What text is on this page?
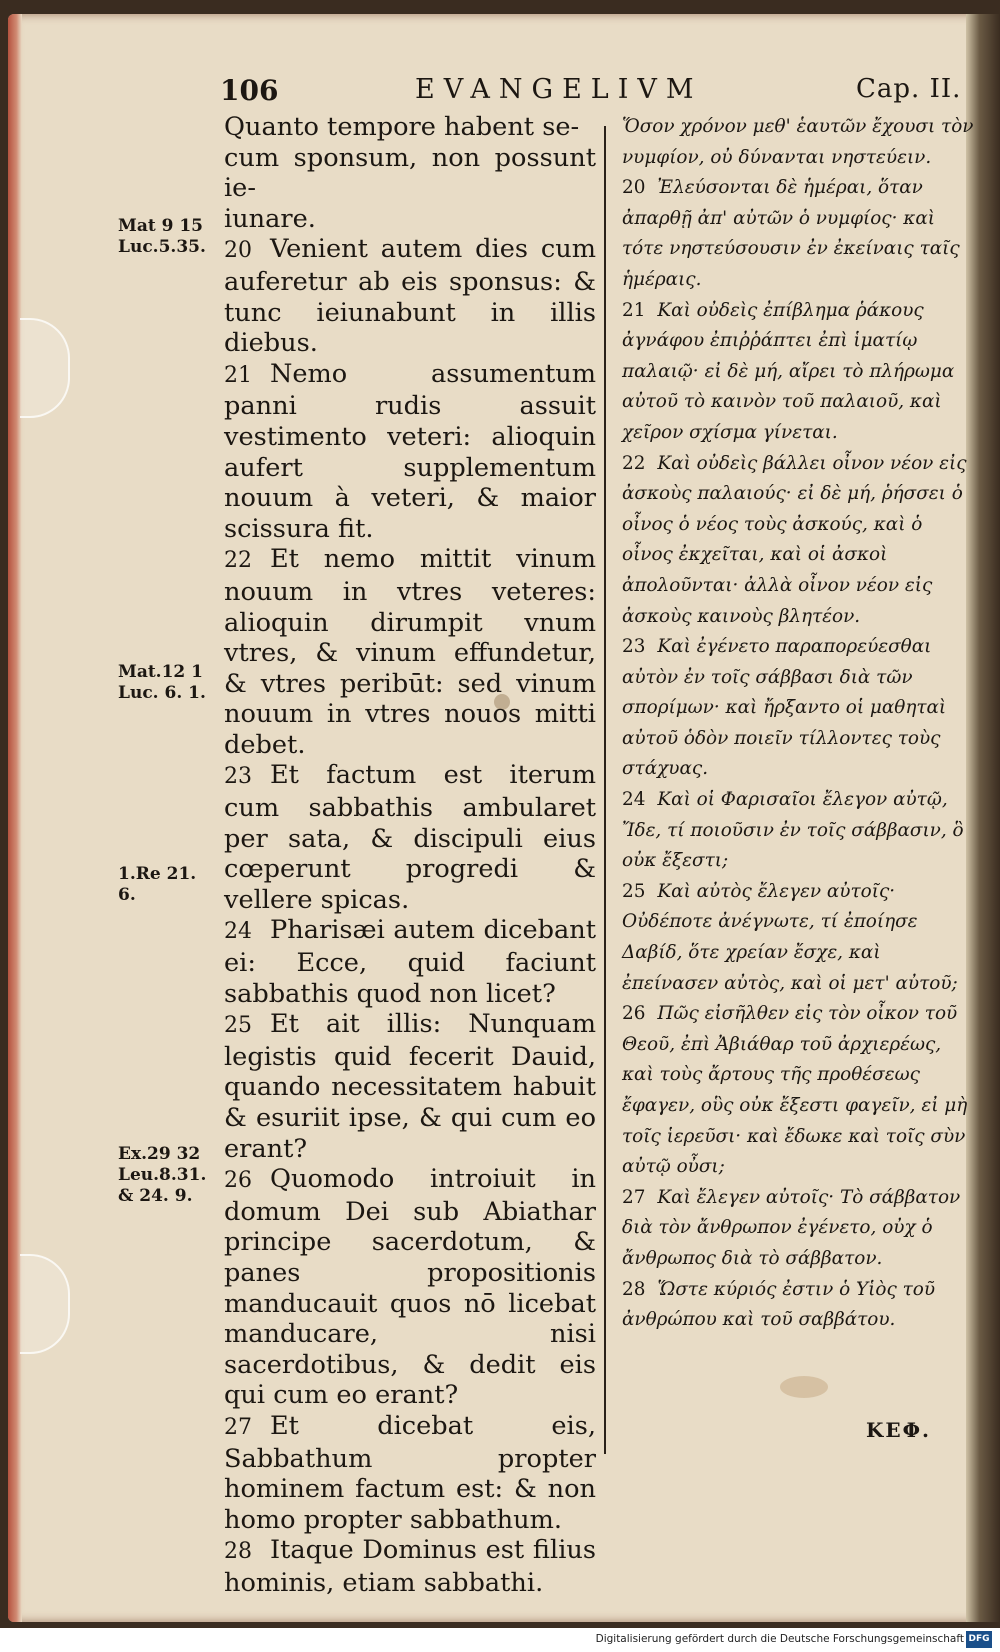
106	EVANGELIVM	Cap. II.
Mat 9 15
Luc.5.35.
Mat.12 1
Luc. 6. 1.
1.Re 21.
6.
Ex.29 32
Leu.8.31.
& 24. 9.

Quanto tempore habent se-

cum sponsum, non possunt ie-

iunare.

20 Venient autem dies cum auferetur ab eis sponsus: & tunc ieiunabunt in illis diebus.

21 Nemo assumentum panni rudis assuit vestimento veteri: alioquin aufert supplementum nouum à veteri, & maior scissura fit.

22 Et nemo mittit vinum nouum in vtres veteres: alioquin dirumpit vnum vtres, & vinum effundetur, & vtres peribūt: sed vinum nouum in vtres nouos mitti debet.

23 Et factum est iterum cum sabbathis ambularet per sata, & discipuli eius cœperunt progredi & vellere spicas.

24 Pharisæi autem dicebant ei: Ecce, quid faciunt sabbathis quod non licet?

25 Et ait illis: Nunquam legistis quid fecerit Dauid, quando necessitatem habuit & esuriit ipse, & qui cum eo erant?

26 Quomodo introiuit in domum Dei sub Abiathar principe sacerdotum, & panes propositionis manducauit quos nō licebat manducare, nisi sacerdotibus, & dedit eis qui cum eo erant?

27 Et dicebat eis, Sabbathum propter hominem factum est: & non homo propter sabbathum.

28 Itaque Dominus est filius hominis, etiam sabbathi.

Ὅσον χρόνον μεθ' ἑαυτῶν ἔχουσι τὸν νυμφίον, οὐ δύνανται νηστεύειν.

20 Ἐλεύσονται δὲ ἡμέραι, ὅταν ἀπαρθῇ ἀπ' αὐτῶν ὁ νυμφίος· καὶ τότε νηστεύσουσιν ἐν ἐκείναις ταῖς ἡμέραις.

21 Καὶ οὐδεὶς ἐπίβλημα ῥάκους ἀγνάφου ἐπιῤῥάπτει ἐπὶ ἱματίῳ παλαιῷ· εἰ δὲ μή, αἴρει τὸ πλήρωμα αὐτοῦ τὸ καινὸν τοῦ παλαιοῦ, καὶ χεῖρον σχίσμα γίνεται.

22 Καὶ οὐδεὶς βάλλει οἶνον νέον εἰς ἀσκοὺς παλαιούς· εἰ δὲ μή, ῥήσσει ὁ οἶνος ὁ νέος τοὺς ἀσκούς, καὶ ὁ οἶνος ἐκχεῖται, καὶ οἱ ἀσκοὶ ἀπολοῦνται· ἀλλὰ οἶνον νέον εἰς ἀσκοὺς καινοὺς βλητέον.

23 Καὶ ἐγένετο παραπορεύεσθαι αὐτὸν ἐν τοῖς σάββασι διὰ τῶν σπορίμων· καὶ ἤρξαντο οἱ μαθηταὶ αὐτοῦ ὁδὸν ποιεῖν τίλλοντες τοὺς στάχυας.

24 Καὶ οἱ Φαρισαῖοι ἔλεγον αὐτῷ, Ἴδε, τί ποιοῦσιν ἐν τοῖς σάββασιν, ὃ οὐκ ἔξεστι;

25 Καὶ αὐτὸς ἔλεγεν αὐτοῖς· Οὐδέποτε ἀνέγνωτε, τί ἐποίησε Δαβίδ, ὅτε χρείαν ἔσχε, καὶ ἐπείνασεν αὐτὸς, καὶ οἱ μετ' αὐτοῦ;

26 Πῶς εἰσῆλθεν εἰς τὸν οἶκον τοῦ Θεοῦ, ἐπὶ Ἀβιάθαρ τοῦ ἀρχιερέως, καὶ τοὺς ἄρτους τῆς προθέσεως ἔφαγεν, οὓς οὐκ ἔξεστι φαγεῖν, εἰ μὴ τοῖς ἱερεῦσι· καὶ ἔδωκε καὶ τοῖς σὺν αὐτῷ οὖσι;

27 Καὶ ἔλεγεν αὐτοῖς· Τὸ σάββατον διὰ τὸν ἄνθρωπον ἐγένετο, οὐχ ὁ ἄνθρωπος διὰ τὸ σάββατον.

28 Ὥστε κύριός ἐστιν ὁ Υἱὸς τοῦ ἀνθρώπου καὶ τοῦ σαββάτου.

ΚΕΦ.
Digitalisierung gefördert durch die Deutsche Forschungsgemeinschaft DFG
